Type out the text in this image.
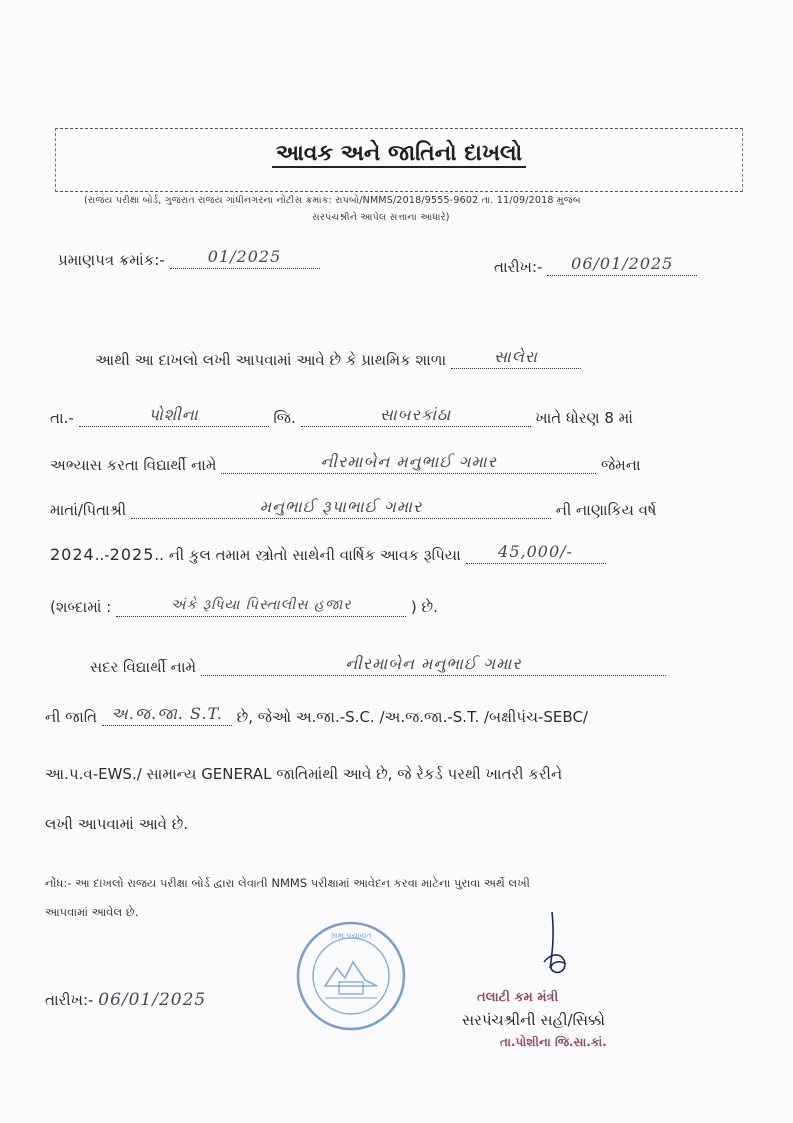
આવક અને જાતિનો દાખલો
(રાજય પરીક્ષા બોર્ડ, ગુજરાત રાજય ગાંધીનગરના નોટીસ ક્રમાંક: રાપબો/NMMS/2018/9555-9602 તા. 11/09/2018 મુજબ
સરપંચશ્રીને આપેલ સત્તાના આધારે)
પ્રમાણપત્ર ક્રમાંક:-	01/2025
તારીખ:- 06/01/2025
આથી આ દાખલો લખી આપવામાં આવે છે કે પ્રાથમિક શાળા	સાલેરા
તા.-	પોશીના	જિ.	સાબરકાંઠા	ખાતે ધોરણ 8 માં
અભ્યાસ કરતા વિદ્યાર્થી નામે	નીરમાબેન મનુભાઈ ગમાર	જેમના
માતાં/પિતાશ્રી	મનુભાઈ રૂપાભાઈ ગમાર	ની નાણાકિય વર્ષ
2024..-2025.. ની કુલ તમામ સ્ત્રોતો સાથેની વાર્ષિક આવક રૂપિયા 45,000/-
(શબ્દામાં :	અંકે રૂપિયા પિસ્તાલીસ હજાર	) છે.
સદર વિદ્યાર્થી નામે	નીરમાબેન મનુભાઈ ગમાર
ની જાતિ અ.જ.જા. S.T. છે, જેઓ અ.જા.-S.C. /અ.જ.જા.-S.T. /બક્ષીપંચ-SEBC/
આ.પ.વ-EWS./ સામાન્ય GENERAL જાતિમાંથી આવે છે, જે રેકર્ડ પરથી ખાતરી કરીને
લખી આપવામાં આવે છે.
નોંધ:- આ દાખલો રાજય પરીક્ષા બોર્ડ દ્વારા લેવાતી NMMS પરીક્ષામાં આવેદન કરવા માટેના પુરાવા અર્થે લખી
આપવામાં આવેલ છે.
ગ્રામ પંચાયત
તારીખ:- 06/01/2025	તલાટી કમ મંત્રી
સરપંચશ્રીની સહી/સિક્કો
તા.પોશીના જિ.સા.કાં.
